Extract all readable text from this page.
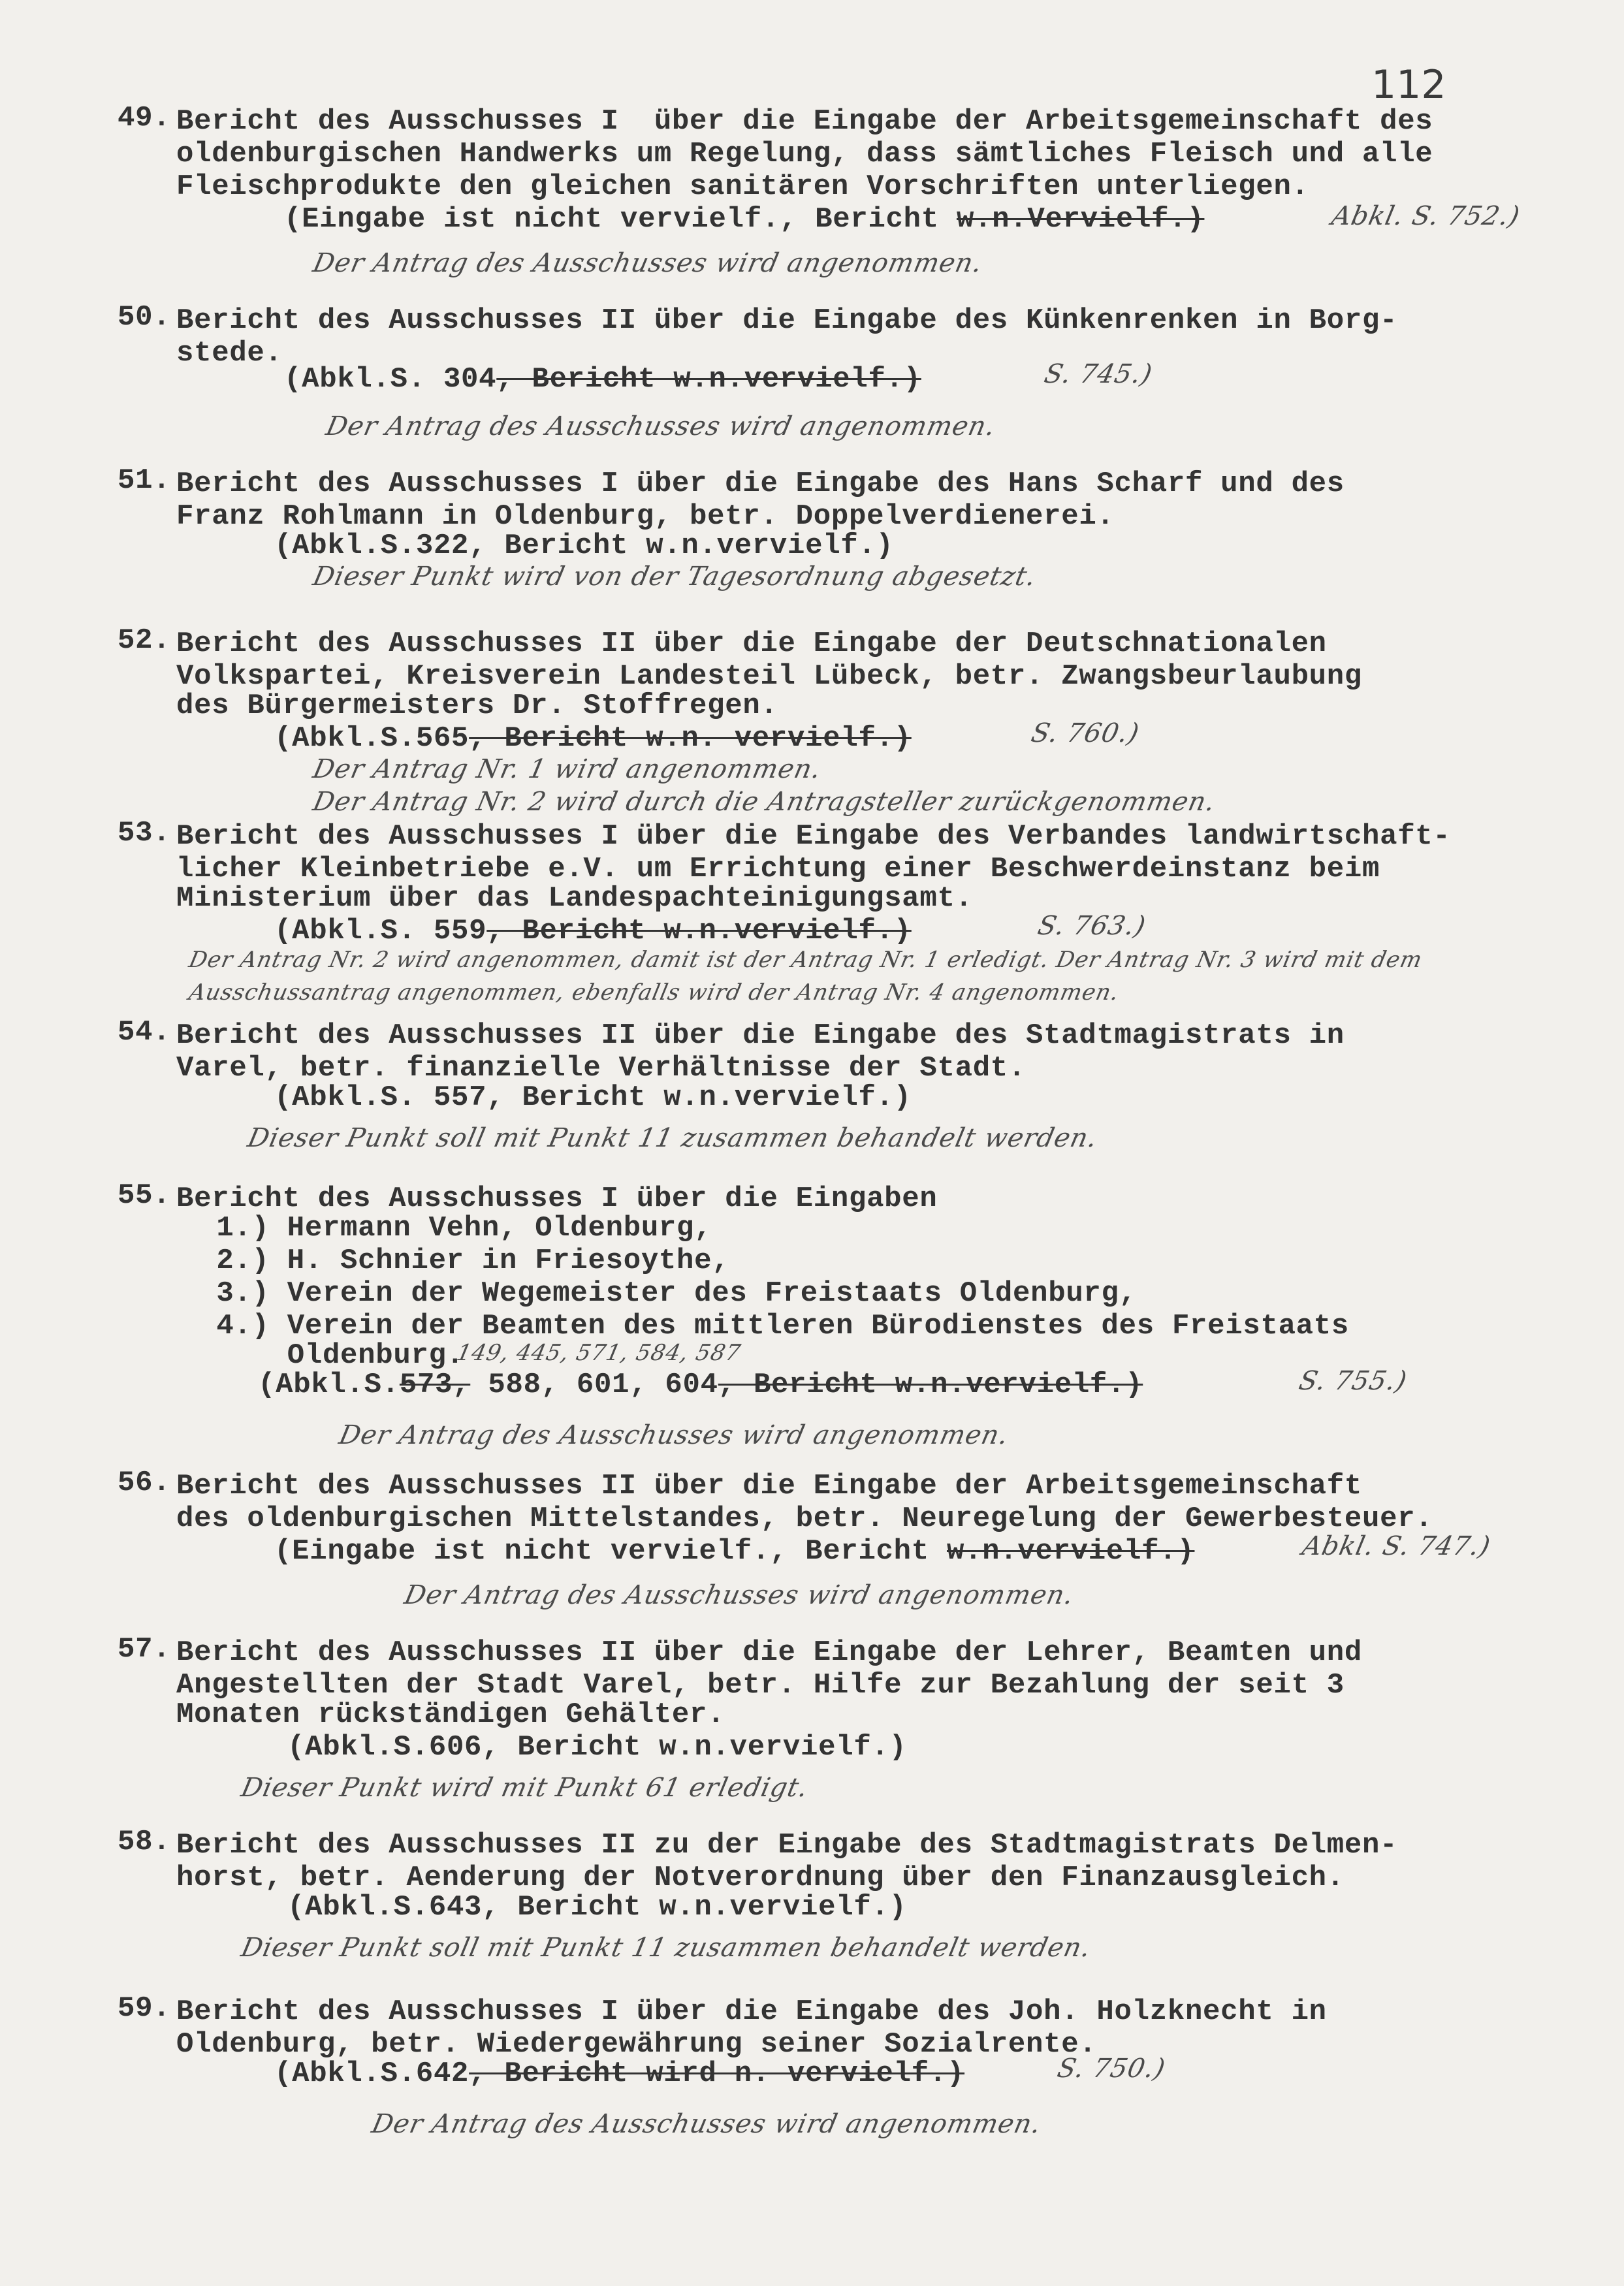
112
49. Bericht des Ausschusses I  über die Eingabe der Arbeitsgemeinschaft des
oldenburgischen Handwerks um Regelung, dass sämtliches Fleisch und alle
Fleischprodukte den gleichen sanitären Vorschriften unterliegen.
(Eingabe ist nicht vervielf., Bericht w.n.Vervielf.)	Abkl. S. 752.)
Der Antrag des Ausschusses wird angenommen.
50. Bericht des Ausschusses II über die Eingabe des Künkenrenken in Borg-
stede.
(Abkl.S. 304, Bericht w.n.vervielf.)	S. 745.)
Der Antrag des Ausschusses wird angenommen.
51. Bericht des Ausschusses I über die Eingabe des Hans Scharf und des
Franz Rohlmann in Oldenburg, betr. Doppelverdienerei.
(Abkl.S.322, Bericht w.n.vervielf.)
Dieser Punkt wird von der Tagesordnung abgesetzt.
52. Bericht des Ausschusses II über die Eingabe der Deutschnationalen
Volkspartei, Kreisverein Landesteil Lübeck, betr. Zwangsbeurlaubung
des Bürgermeisters Dr. Stoffregen.
(Abkl.S.565, Bericht w.n. vervielf.)	S. 760.)
Der Antrag Nr. 1 wird angenommen.
Der Antrag Nr. 2 wird durch die Antragsteller zurückgenommen.
53. Bericht des Ausschusses I über die Eingabe des Verbandes landwirtschaft-
licher Kleinbetriebe e.V. um Errichtung einer Beschwerdeinstanz beim
Ministerium über das Landespachteinigungsamt.
(Abkl.S. 559, Bericht w.n.vervielf.)	S. 763.)
Der Antrag Nr. 2 wird angenommen, damit ist der Antrag Nr. 1 erledigt. Der Antrag Nr. 3 wird mit dem
Ausschussantrag angenommen, ebenfalls wird der Antrag Nr. 4 angenommen.
54. Bericht des Ausschusses II über die Eingabe des Stadtmagistrats in
Varel, betr. finanzielle Verhältnisse der Stadt.
(Abkl.S. 557, Bericht w.n.vervielf.)
Dieser Punkt soll mit Punkt 11 zusammen behandelt werden.
55. Bericht des Ausschusses I über die Eingaben
1.) Hermann Vehn, Oldenburg,
2.) H. Schnier in Friesoythe,
3.) Verein der Wegemeister des Freistaats Oldenburg,
4.) Verein der Beamten des mittleren Bürodienstes des Freistaats
Oldenburg.
149, 445, 571, 584, 587
(Abkl.S.573, 588, 601, 604, Bericht w.n.vervielf.)	S. 755.)
Der Antrag des Ausschusses wird angenommen.
56. Bericht des Ausschusses II über die Eingabe der Arbeitsgemeinschaft
des oldenburgischen Mittelstandes, betr. Neuregelung der Gewerbesteuer.
(Eingabe ist nicht vervielf., Bericht w.n.vervielf.)	Abkl. S. 747.)
Der Antrag des Ausschusses wird angenommen.
57. Bericht des Ausschusses II über die Eingabe der Lehrer, Beamten und
Angestellten der Stadt Varel, betr. Hilfe zur Bezahlung der seit 3
Monaten rückständigen Gehälter.
(Abkl.S.606, Bericht w.n.vervielf.)
Dieser Punkt wird mit Punkt 61 erledigt.
58. Bericht des Ausschusses II zu der Eingabe des Stadtmagistrats Delmen-
horst, betr. Aenderung der Notverordnung über den Finanzausgleich.
(Abkl.S.643, Bericht w.n.vervielf.)
Dieser Punkt soll mit Punkt 11 zusammen behandelt werden.
59. Bericht des Ausschusses I über die Eingabe des Joh. Holzknecht in
Oldenburg, betr. Wiedergewährung seiner Sozialrente.
(Abkl.S.642, Bericht wird n. vervielf.)	S. 750.)
Der Antrag des Ausschusses wird angenommen.
